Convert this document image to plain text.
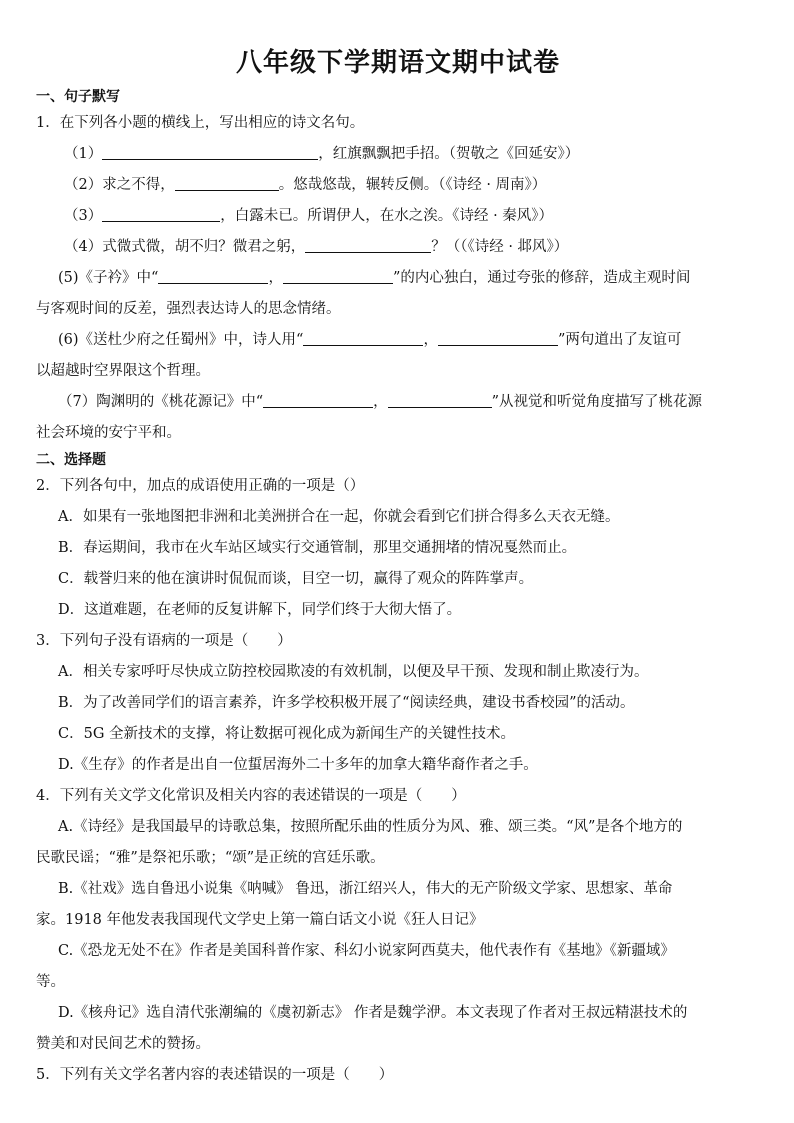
八年级下学期语文期中试卷
一、句子默写
1．在下列各小题的横线上，写出相应的诗文名句。
（1）	，红旗飘飘把手招。（贺敬之《回延安》）
（2）求之不得，	。悠哉悠哉，辗转反侧。（《诗经 · 周南》）
（3）	，白露未已。所谓伊人，在水之涘。《诗经 · 秦风》）
（4）式微式微，胡不归？微君之躬，	？（（《诗经 · 邶风》）
(5)《子衿》中“	，	”的内心独白，通过夸张的修辞，造成主观时间
与客观时间的反差，强烈表达诗人的思念情绪。
(6)《送杜少府之任蜀州》中，诗人用“	，	”两句道出了友谊可
以超越时空界限这个哲理。
（7）陶渊明的《桃花源记》中“	，	”从视觉和听觉角度描写了桃花源
社会环境的安宁平和。
二、选择题
2．下列各句中，加点的成语使用正确的一项是（）
A．如果有一张地图把非洲和北美洲拼合在一起，你就会看到它们拼合得多么天衣无缝。
B．春运期间，我市在火车站区域实行交通管制，那里交通拥堵的情况戛然而止。
C．载誉归来的他在演讲时侃侃而谈，目空一切，赢得了观众的阵阵掌声。
D．这道难题，在老师的反复讲解下，同学们终于大彻大悟了。
3．下列句子没有语病的一项是（　　）
A．相关专家呼吁尽快成立防控校园欺凌的有效机制，以便及早干预、发现和制止欺凌行为。
B．为了改善同学们的语言素养，许多学校积极开展了“阅读经典，建设书香校园”的活动。
C．5G 全新技术的支撑，将让数据可视化成为新闻生产的关键性技术。
D.《生存》的作者是出自一位蜇居海外二十多年的加拿大籍华裔作者之手。
4．下列有关文学文化常识及相关内容的表述错误的一项是（　　）
A.《诗经》是我国最早的诗歌总集，按照所配乐曲的性质分为风、雅、颂三类。“风”是各个地方的
民歌民谣；“雅”是祭祀乐歌；“颂”是正统的宫廷乐歌。
B.《社戏》选自鲁迅小说集《呐喊》 鲁迅，浙江绍兴人，伟大的无产阶级文学家、思想家、革命
家。1918 年他发表我国现代文学史上第一篇白话文小说《狂人日记》
C.《恐龙无处不在》作者是美国科普作家、科幻小说家阿西莫夫，他代表作有《基地》《新疆域》
等。
D.《核舟记》选自清代张潮编的《虞初新志》 作者是魏学洢。本文表现了作者对王叔远精湛技术的
赞美和对民间艺术的赞扬。
5．下列有关文学名著内容的表述错误的一项是（　　）
